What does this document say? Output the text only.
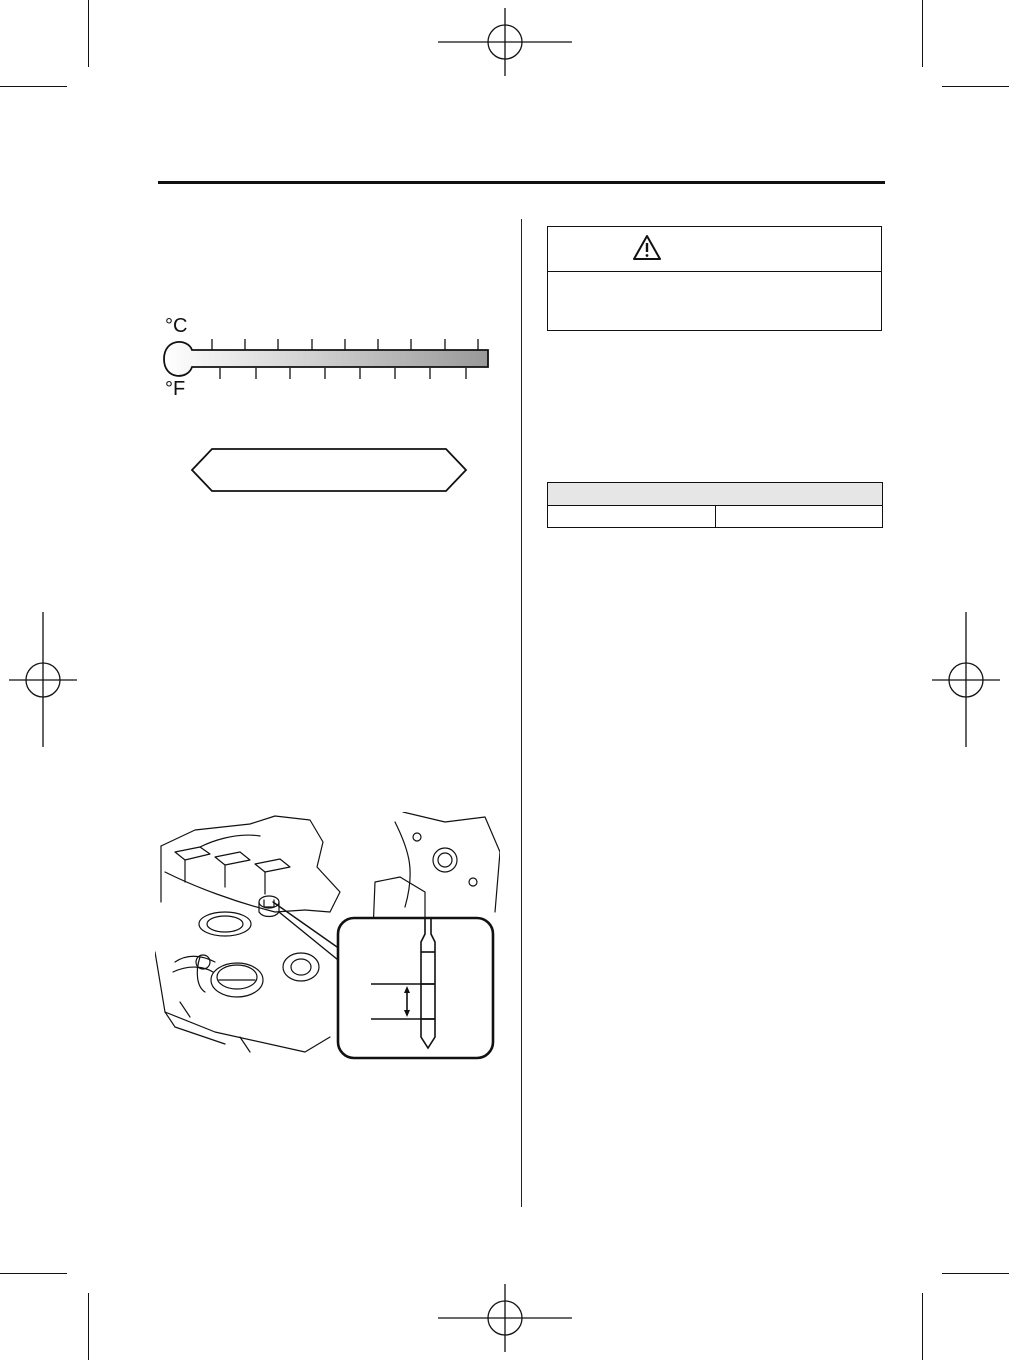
°C
°F
